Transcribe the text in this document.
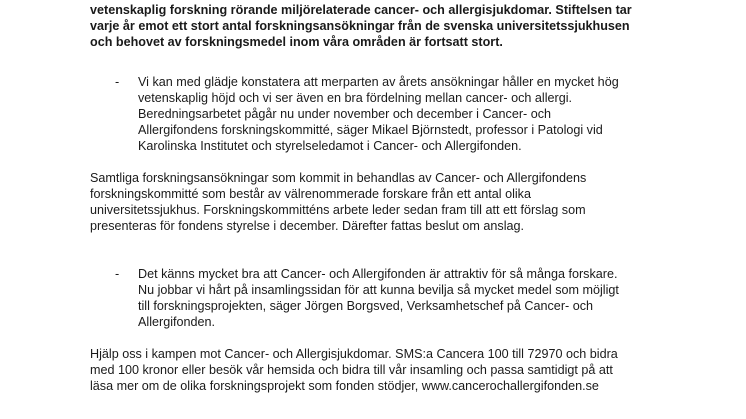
vetenskaplig forskning rörande miljörelaterade cancer- och allergisjukdomar. Stiftelsen tar
varje år emot ett stort antal forskningsansökningar från de svenska universitetssjukhusen
och behovet av forskningsmedel inom våra områden är fortsatt stort.
-	Vi kan med glädje konstatera att merparten av årets ansökningar håller en mycket hög
vetenskaplig höjd och vi ser även en bra fördelning mellan cancer- och allergi.
Beredningsarbetet pågår nu under november och december i Cancer- och
Allergifondens forskningskommitté, säger Mikael Björnstedt, professor i Patologi vid
Karolinska Institutet och styrelseledamot i Cancer- och Allergifonden.
Samtliga forskningsansökningar som kommit in behandlas av Cancer- och Allergifondens
forskningskommitté som består av välrenommerade forskare från ett antal olika
universitetssjukhus. Forskningskommitténs arbete leder sedan fram till att ett förslag som
presenteras för fondens styrelse i december. Därefter fattas beslut om anslag.
-	Det känns mycket bra att Cancer- och Allergifonden är attraktiv för så många forskare.
Nu jobbar vi hårt på insamlingssidan för att kunna bevilja så mycket medel som möjligt
till forskningsprojekten, säger Jörgen Borgsved, Verksamhetschef på Cancer- och
Allergifonden.
Hjälp oss i kampen mot Cancer- och Allergisjukdomar. SMS:a Cancera 100 till 72970 och bidra
med 100 kronor eller besök vår hemsida och bidra till vår insamling och passa samtidigt på att
läsa mer om de olika forskningsprojekt som fonden stödjer, www.cancerochallergifonden.se
